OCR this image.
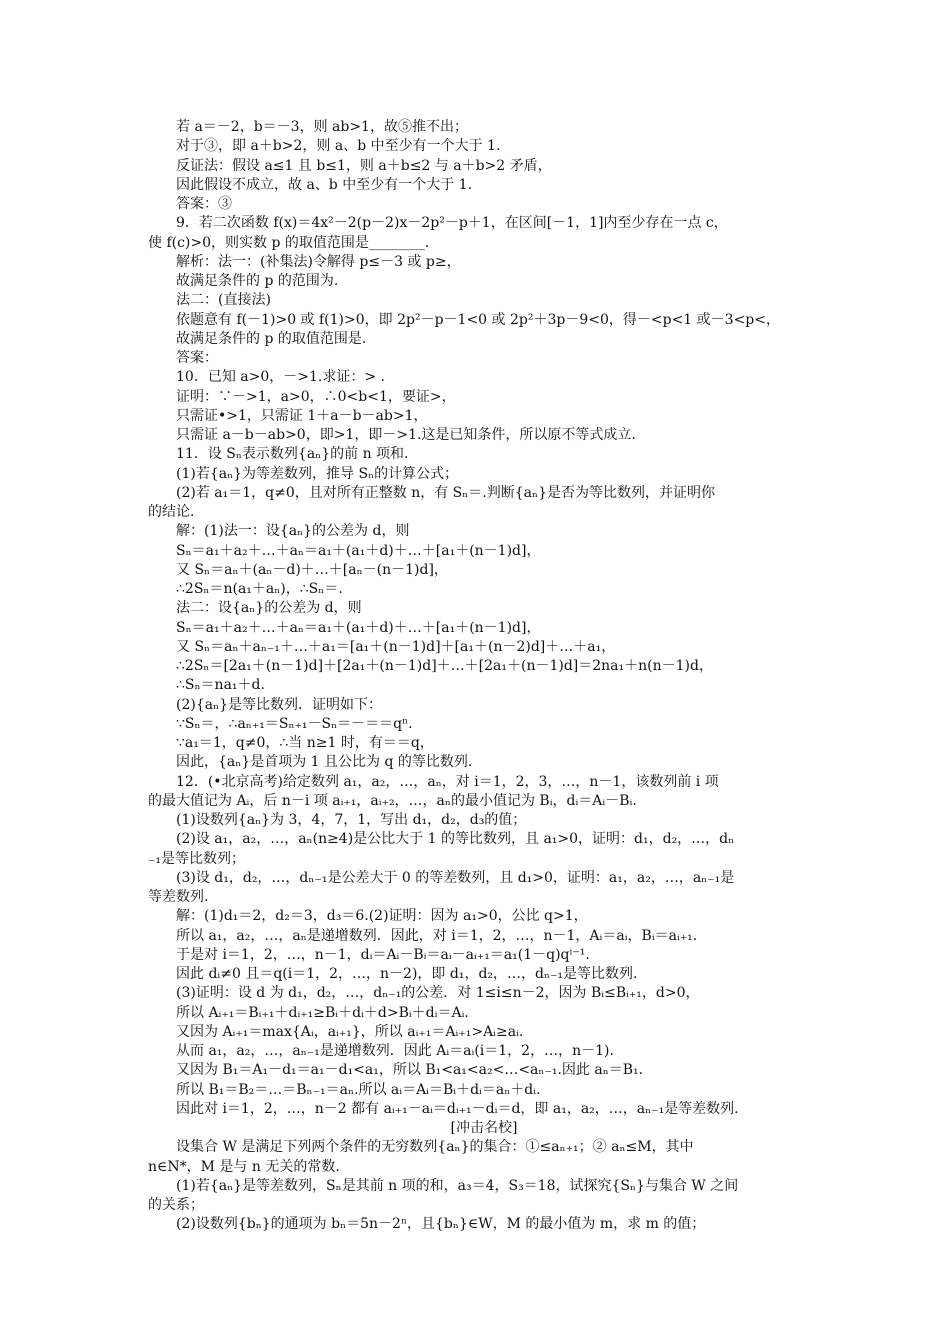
若 a＝－2，b＝－3，则 ab>1，故⑤推不出；
对于③，即 a＋b>2，则 a、b 中至少有一个大于 1.
反证法：假设 a≤1 且 b≤1，则 a＋b≤2 与 a＋b>2 矛盾，
因此假设不成立，故 a、b 中至少有一个大于 1.
答案：③
9．若二次函数 f(x)＝4x²－2(p－2)x－2p²－p＋1，在区间[－1，1]内至少存在一点 c，
使 f(c)>0，则实数 p 的取值范围是________．
解析：法一：(补集法)令解得 p≤－3 或 p≥，
故满足条件的 p 的范围为.
法二：(直接法)
依题意有 f(－1)>0 或 f(1)>0，即 2p²－p－1<0 或 2p²＋3p－9<0，得－<p<1 或－3<p<，
故满足条件的 p 的取值范围是.
答案：
10．已知 a>0，－>1.求证：> .
证明：∵－>1，a>0，∴0<b<1，要证>，
只需证•>1，只需证 1＋a－b－ab>1，
只需证 a－b－ab>0，即>1，即－>1.这是已知条件，所以原不等式成立.
11．设 Sₙ表示数列{aₙ}的前 n 项和.
(1)若{aₙ}为等差数列，推导 Sₙ的计算公式；
(2)若 a₁＝1，q≠0，且对所有正整数 n，有 Sₙ＝.判断{aₙ}是否为等比数列，并证明你
的结论.
解：(1)法一：设{aₙ}的公差为 d，则
Sₙ＝a₁＋a₂＋…＋aₙ＝a₁＋(a₁＋d)＋…＋[a₁＋(n－1)d]，
又 Sₙ＝aₙ＋(aₙ－d)＋…＋[aₙ－(n－1)d]，
∴2Sₙ＝n(a₁＋aₙ)，∴Sₙ＝.
法二：设{aₙ}的公差为 d，则
Sₙ＝a₁＋a₂＋…＋aₙ＝a₁＋(a₁＋d)＋…＋[a₁＋(n－1)d]，
又 Sₙ＝aₙ＋aₙ₋₁＋…＋a₁＝[a₁＋(n－1)d]＋[a₁＋(n－2)d]＋…＋a₁，
∴2Sₙ＝[2a₁＋(n－1)d]＋[2a₁＋(n－1)d]＋…＋[2a₁＋(n－1)d]＝2na₁＋n(n－1)d，
∴Sₙ＝na₁＋d.
(2){aₙ}是等比数列．证明如下：
∵Sₙ＝，∴aₙ₊₁＝Sₙ₊₁－Sₙ＝－＝＝qⁿ.
∵a₁＝1，q≠0，∴当 n≥1 时，有＝＝q，
因此，{aₙ}是首项为 1 且公比为 q 的等比数列.
12．(•北京高考)给定数列 a₁，a₂，…，aₙ，对 i＝1，2，3，…，n－1，该数列前 i 项
的最大值记为 Aᵢ，后 n－i 项 aᵢ₊₁，aᵢ₊₂，…，aₙ的最小值记为 Bᵢ，dᵢ＝Aᵢ－Bᵢ.
(1)设数列{aₙ}为 3，4，7，1，写出 d₁，d₂，d₃的值；
(2)设 a₁，a₂，…，aₙ(n≥4)是公比大于 1 的等比数列，且 a₁>0，证明：d₁，d₂，…，dₙ
₋₁是等比数列；
(3)设 d₁，d₂，…，dₙ₋₁是公差大于 0 的等差数列，且 d₁>0，证明：a₁，a₂，…，aₙ₋₁是
等差数列.
解：(1)d₁＝2，d₂＝3，d₃＝6.(2)证明：因为 a₁>0，公比 q>1，
所以 a₁，a₂，…，aₙ是递增数列．因此，对 i＝1，2，…，n－1，Aᵢ＝aᵢ，Bᵢ＝aᵢ₊₁.
于是对 i＝1，2，…，n－1，dᵢ＝Aᵢ－Bᵢ＝aᵢ－aᵢ₊₁＝a₁(1－q)qⁱ⁻¹.
因此 dᵢ≠0 且＝q(i＝1，2，…，n－2)，即 d₁，d₂，…，dₙ₋₁是等比数列.
(3)证明：设 d 为 d₁，d₂，…，dₙ₋₁的公差．对 1≤i≤n－2，因为 Bᵢ≤Bᵢ₊₁，d>0，
所以 Aᵢ₊₁＝Bᵢ₊₁＋dᵢ₊₁≥Bᵢ＋dᵢ＋d>Bᵢ＋dᵢ＝Aᵢ.
又因为 Aᵢ₊₁＝max{Aᵢ，aᵢ₊₁}，所以 aᵢ₊₁＝Aᵢ₊₁>Aᵢ≥aᵢ.
从而 a₁，a₂，…，aₙ₋₁是递增数列．因此 Aᵢ＝aᵢ(i＝1，2，…，n－1)．
又因为 B₁＝A₁－d₁＝a₁－d₁<a₁，所以 B₁<a₁<a₂<…<aₙ₋₁.因此 aₙ＝B₁.
所以 B₁＝B₂＝…＝Bₙ₋₁＝aₙ.所以 aᵢ＝Aᵢ＝Bᵢ＋dᵢ＝aₙ＋dᵢ.
因此对 i＝1，2，…，n－2 都有 aᵢ₊₁－aᵢ＝dᵢ₊₁－dᵢ＝d，即 a₁，a₂，…，aₙ₋₁是等差数列.
[冲击名校]
设集合 W 是满足下列两个条件的无穷数列{aₙ}的集合：①≤aₙ₊₁；② aₙ≤M，其中
n∈N*，M 是与 n 无关的常数.
(1)若{aₙ}是等差数列，Sₙ是其前 n 项的和，a₃＝4，S₃＝18，试探究{Sₙ}与集合 W 之间
的关系；
(2)设数列{bₙ}的通项为 bₙ＝5n－2ⁿ，且{bₙ}∈W，M 的最小值为 m，求 m 的值；
